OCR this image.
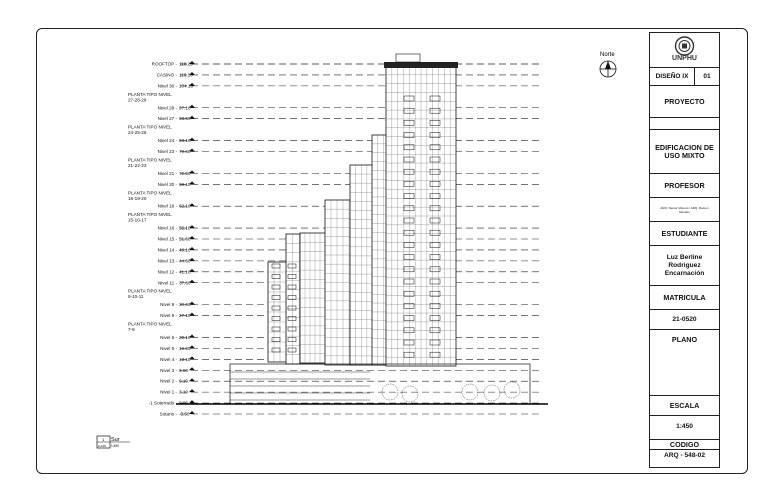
ROOFTOP - 118.20
CASINO - 110.10
Nivel 30 - 104.10
PLANTA TIPO NIVEL
27-28-29
Nivel 28 - 97.10
Nivel 27 - 93.60
PLANTA TIPO NIVEL
24-25-26
Nivel 24 - 83.10
Nivel 23 - 79.60
PLANTA TIPO NIVEL
21-22-23
Nivel 21 - 72.60
Nivel 20 - 69.10
PLANTA TIPO NIVEL
18-19-20
Nivel 18 - 62.10
PLANTA TIPO NIVEL
15-16-17
Nivel 16 - 55.10
Nivel 15 - 51.60
Nivel 14 - 48.10
Nivel 13 - 44.60
Nivel 12 - 41.10
Nivel 11 - 37.60
PLANTA TIPO NIVEL
9-10-11
Nivel 9 - 30.60
Nivel 8 - 27.10
PLANTA TIPO NIVEL
7-8
Nivel 6 - 20.10
Nivel 5 - 16.60
Nivel 4 - 13.10
Nivel 3 - 9.60
Nivel 2 - 6.10
Nivel 1 - 3.10
-1 Soterrado - 0.00
Sotano - -3.50
Norte
1
A-100
Sur
1:450
UNPHU
DISEÑO IX	01
PROYECTO
EDIFICACION DE USO MIXTO
PROFESOR
ARQ. Nestor Moreno / ARQ. Ramon Morales
ESTUDIANTE
Luz Berline Rodriguez Encarnación
MATRICULA
21-0520
PLANO
ESCALA
1:450
CODIGO
ARQ - 548-02
